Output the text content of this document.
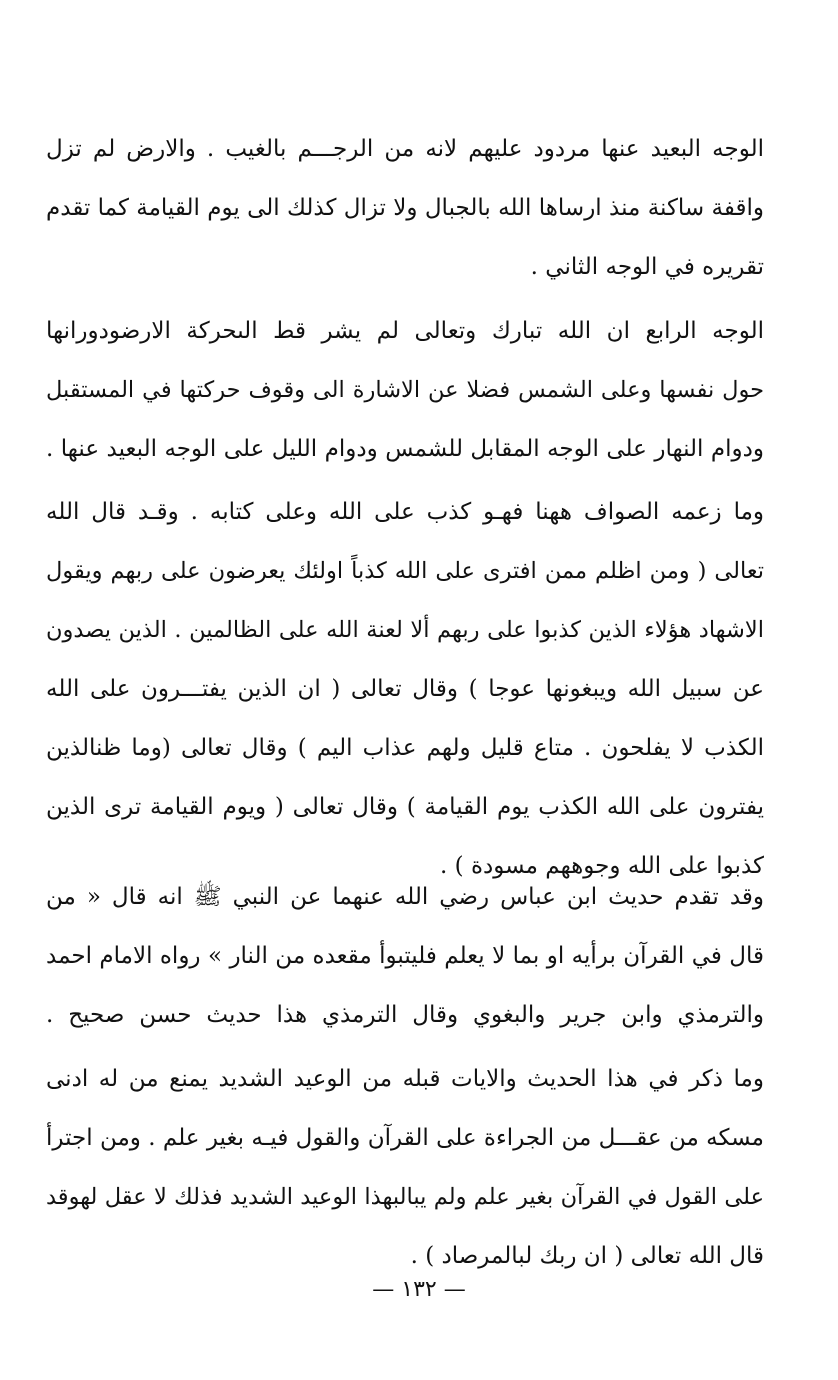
الوجه البعيد عنها مردود عليهم لانه من الرجـــم بالغيب . والارض لم تزل
واقفة ساكنة منذ ارساها الله بالجبال ولا تزال كذلك الى يوم القيامة كما تقدم
تقريره في الوجه الثاني .
الوجه الرابع ان الله تبارك وتعالى لم يشر قط الىحركة الارضودورانها
حول نفسها وعلى الشمس فضلا عن الاشارة الى وقوف حركتها في المستقبل
ودوام النهار على الوجه المقابل للشمس ودوام الليل على الوجه البعيد عنها .
وما زعمه الصواف ههنا فهـو كذب على الله وعلى كتابه . وقـد قال الله
تعالى ( ومن اظلم ممن افترى على الله كذباً اولئك يعرضون على ربهم ويقول
الاشهاد هؤلاء الذين كذبوا على ربهم ألا لعنة الله على الظالمين . الذين يصدون
عن سبيل الله ويبغونها عوجا ) وقال تعالى ( ان الذين يفتـــرون على الله
الكذب لا يفلحون . متاع قليل ولهم عذاب اليم ) وقال تعالى (وما ظنالذين
يفترون على الله الكذب يوم القيامة ) وقال تعالى ( ويوم القيامة ترى الذين
كذبوا على الله وجوههم مسودة ) .
وقد تقدم حديث ابن عباس رضي الله عنهما عن النبي ﷺ انه قال « من
قال في القرآن برأيه او بما لا يعلم فليتبوأ مقعده من النار » رواه الامام احمد
والترمذي وابن جرير والبغوي وقال الترمذي هذا حديث حسن صحيح .
وما ذكر في هذا الحديث والايات قبله من الوعيد الشديد يمنع من له ادنى
مسكه من عقـــل من الجراءة على القرآن والقول فيـه بغير علم . ومن اجترأ
على القول في القرآن بغير علم ولم يبالبهذا الوعيد الشديد فذلك لا عقل لهوقد
قال الله تعالى ( ان ربك لبالمرصاد ) .
— ١٣٢ —
